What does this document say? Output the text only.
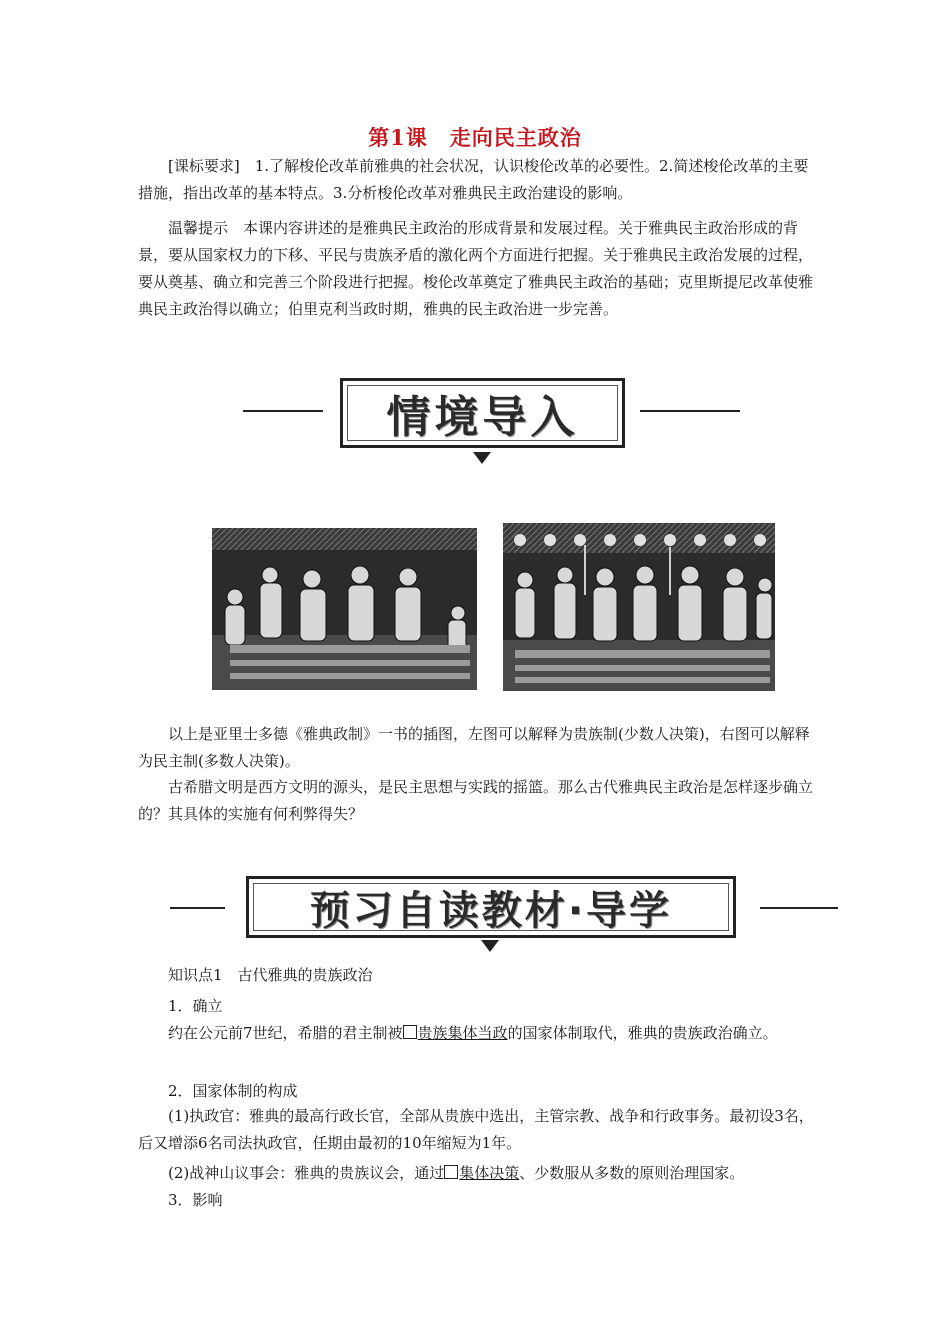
第1课　走向民主政治

[课标要求]　1.了解梭伦改革前雅典的社会状况，认识梭伦改革的必要性。2.简述梭伦改革的主要措施，指出改革的基本特点。3.分析梭伦改革对雅典民主政治建设的影响。

温馨提示　本课内容讲述的是雅典民主政治的形成背景和发展过程。关于雅典民主政治形成的背景，要从国家权力的下移、平民与贵族矛盾的激化两个方面进行把握。关于雅典民主政治发展的过程，要从奠基、确立和完善三个阶段进行把握。梭伦改革奠定了雅典民主政治的基础；克里斯提尼改革使雅典民主政治得以确立；伯里克利当政时期，雅典的民主政治进一步完善。

情境导入

以上是亚里士多德《雅典政制》一书的插图，左图可以解释为贵族制(少数人决策)，右图可以解释为民主制(多数人决策)。

古希腊文明是西方文明的源头，是民主思想与实践的摇篮。那么古代雅典民主政治是怎样逐步确立的？其具体的实施有何利弊得失？

预习自读教材·导学
知识点1　古代雅典的贵族政治
1．确立

约在公元前7世纪，希腊的君主制被 贵族集体当政的国家体制取代，雅典的贵族政治确立。

2．国家体制的构成

(1)执政官：雅典的最高行政长官，全部从贵族中选出，主管宗教、战争和行政事务。最初设3名，后又增添6名司法执政官，任期由最初的10年缩短为1年。

(2)战神山议事会：雅典的贵族议会，通过 集体决策、少数服从多数的原则治理国家。

3．影响
